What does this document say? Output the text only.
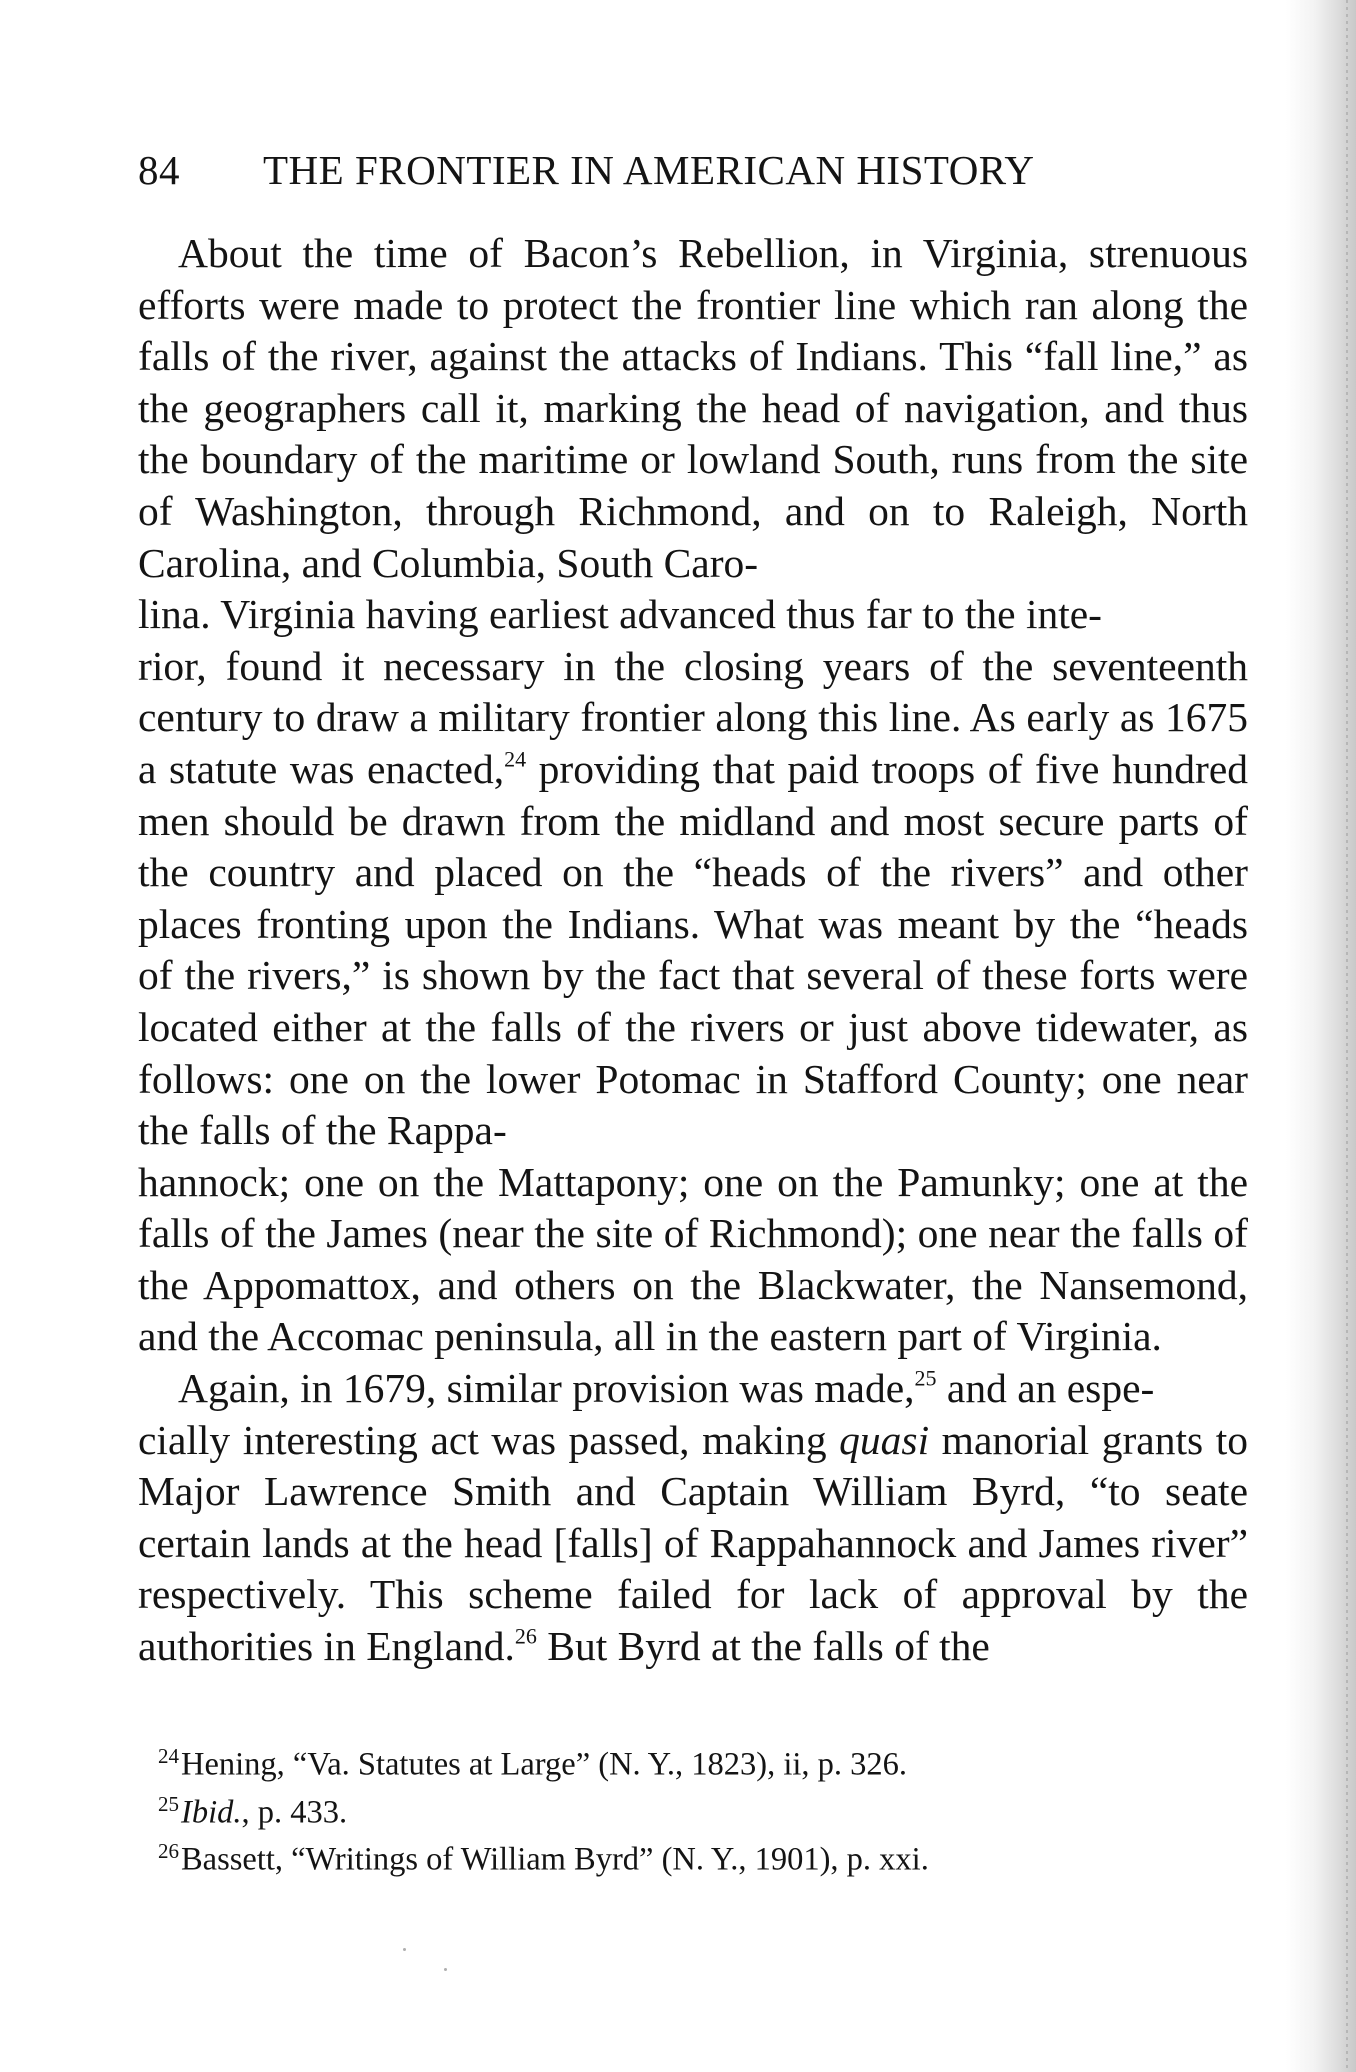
84 THE FRONTIER IN AMERICAN HISTORY

About the time of Bacon’s Rebellion, in Virginia, strenuous efforts were made to protect the frontier line which ran along the falls of the river, against the attacks of Indians. This “fall line,” as the geographers call it, marking the head of navigation, and thus the boundary of the maritime or lowland South, runs from the site of Washington, through Richmond, and on to Raleigh, North Carolina, and Columbia, South Caro-
lina. Virginia having earliest advanced thus far to the inte-
rior, found it necessary in the closing years of the seventeenth century to draw a military frontier along this line. As early as 1675 a statute was enacted,$^{24}$ providing that paid troops of five hundred men should be drawn from the midland and most secure parts of the country and placed on the “heads of the rivers” and other places fronting upon the Indians. What was meant by the “heads of the rivers,” is shown by the fact that several of these forts were located either at the falls of the rivers or just above tidewater, as follows: one on the lower Potomac in Stafford County; one near the falls of the Rappa-
hannock; one on the Mattapony; one on the Pamunky; one at the falls of the James (near the site of Richmond); one near the falls of the Appomattox, and others on the Blackwater, the Nansemond, and the Accomac peninsula, all in the eastern part of Virginia.

Again, in 1679, similar provision was made,$^{25}$ and an espe-
cially interesting act was passed, making quasi manorial grants to Major Lawrence Smith and Captain William Byrd, “to seate certain lands at the head [falls] of Rappahannock and James river” respectively. This scheme failed for lack of approval by the authorities in England.$^{26}$ But Byrd at the falls of the

$^{24}$Hening, “Va. Statutes at Large” (N. Y., 1823), ii, p. 326.
$^{25}$Ibid., p. 433.
$^{26}$Bassett, “Writings of William Byrd” (N. Y., 1901), p. xxi.
